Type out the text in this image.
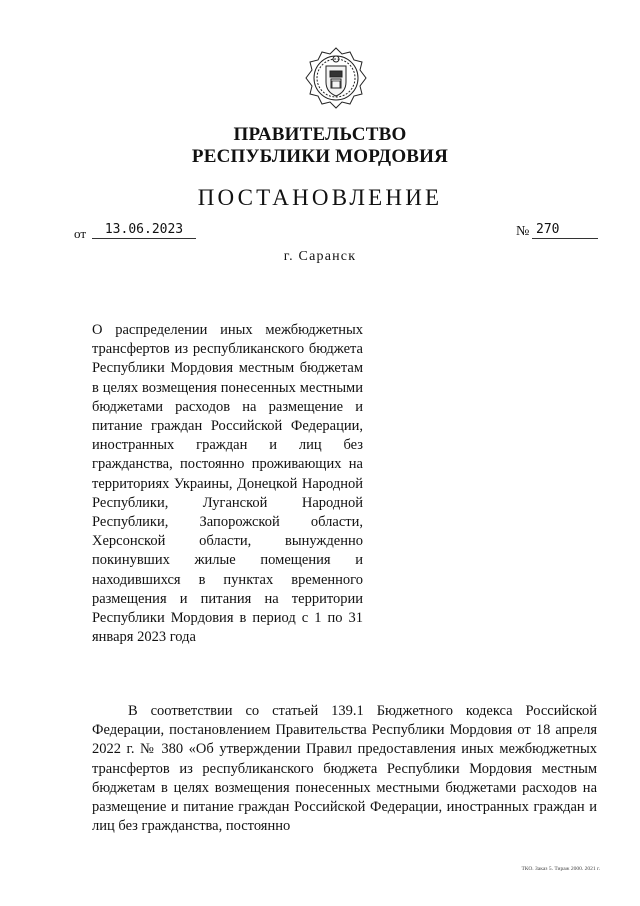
ПРАВИТЕЛЬСТВО
РЕСПУБЛИКИ МОРДОВИЯ
ПОСТАНОВЛЕНИЕ
от	13.06.2023	№ 270
г. Саранск

О распределении иных межбюджетных трансфертов из республиканского бюджета Республики Мордовия местным бюджетам в целях возмещения понесенных местными бюджетами расходов на размещение и питание граждан Российской Федерации, иностранных граждан и лиц без гражданства, постоянно проживающих на территориях Украины, Донецкой Народной Республики, Луганской Народной Республики, Запорожской области, Херсонской области, вынужденно покинувших жилые помещения и находившихся в пунктах временного размещения и питания на территории Республики Мордовия в период с 1 по 31 января 2023 года

В соответствии со статьей 139.1 Бюджетного кодекса Российской Федерации, постановлением Правительства Республики Мордовия от 18 апреля 2022 г. № 380 «Об утверждении Правил предоставления иных межбюджетных трансфертов из республиканского бюджета Республики Мордовия местным бюджетам в целях возмещения понесенных местными бюджетами расходов на размещение и питание граждан Российской Федерации, иностранных граждан и лиц без гражданства, постоянно

ТКО. Заказ 5. Тираж 2000. 2021 г.
